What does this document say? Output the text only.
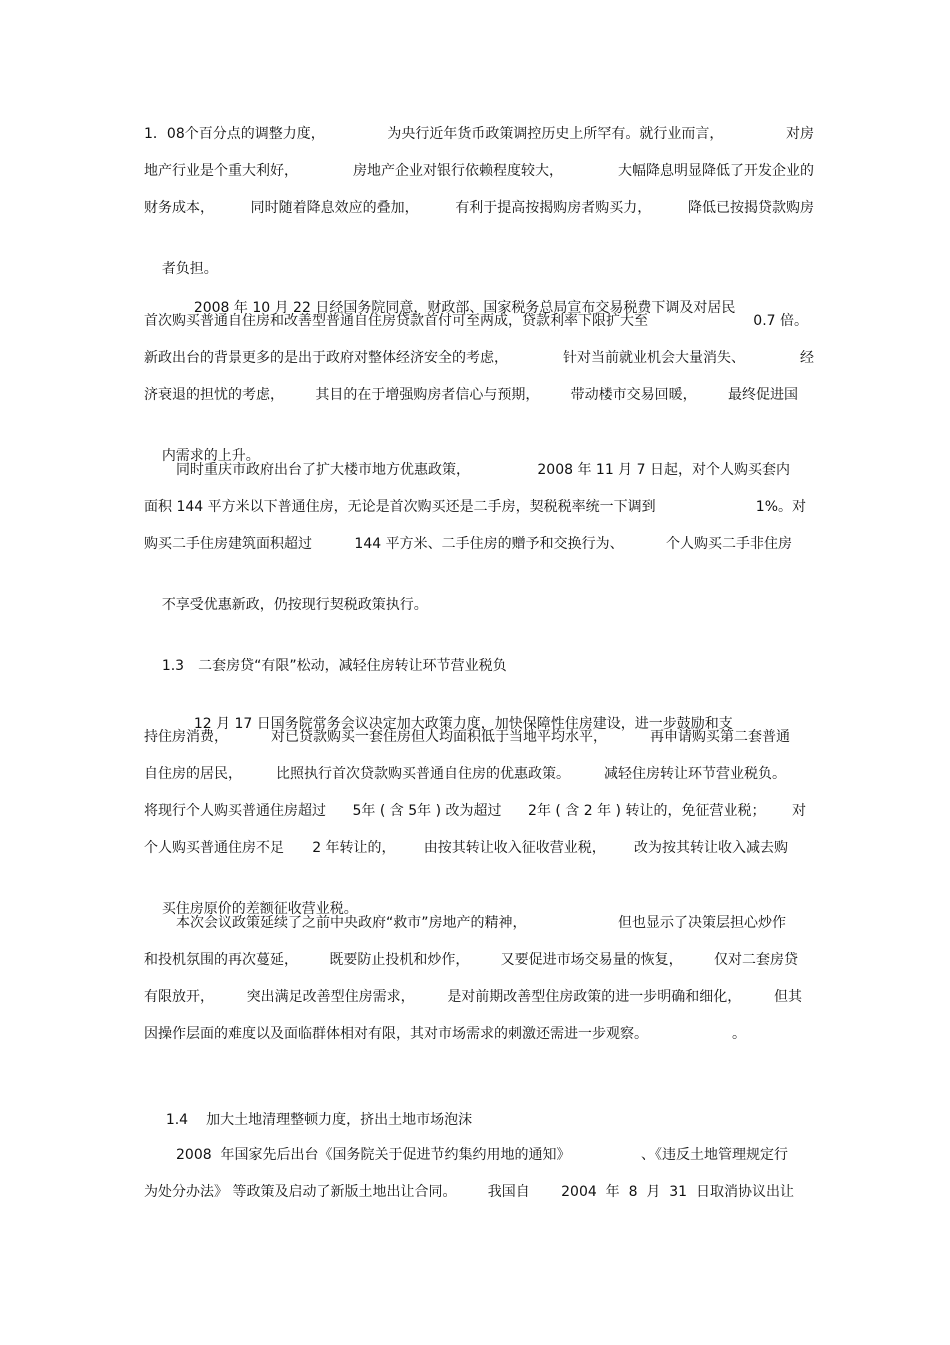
1．08个百分点的调整力度，	为央行近年货币政策调控历史上所罕有。就行业而言，	对房
地产行业是个重大利好，	房地产企业对银行依赖程度较大，	大幅降息明显降低了开发企业的
财务成本，	同时随着降息效应的叠加，	有利于提高按揭购房者购买力，	降低已按揭贷款购房

者负担。

2008 年 10 月 22 日经国务院同意，财政部、国家税务总局宣布交易税费下调及对居民

首次购买普通自住房和改善型普通自住房贷款首付可至两成，贷款利率下限扩大至	0.7 倍。
新政出台的背景更多的是出于政府对整体经济安全的考虑，	针对当前就业机会大量消失、	经
济衰退的担忧的考虑， 其目的在于增强购房者信心与预期， 带动楼市交易回暖， 最终促进国

内需求的上升。

同时重庆市政府出台了扩大楼市地方优惠政策，	2008 年 11 月 7 日起，对个人购买套内
面积 144 平方米以下普通住房，无论是首次购买还是二手房，契税税率统一下调到	1%。对
购买二手住房建筑面积超过	144 平方米、二手住房的赠予和交换行为、	个人购买二手非住房

不享受优惠新政，仍按现行契税政策执行。

1.3 二套房贷“有限”松动，减轻住房转让环节营业税负

12 月 17 日国务院常务会议决定加大政策力度，加快保障性住房建设，进一步鼓励和支

持住房消费，	对已贷款购买一套住房但人均面积低于当地平均水平，	再申请购买第二套普通
自住房的居民， 比照执行首次贷款购买普通自住房的优惠政策。 减轻住房转让环节营业税负。
将现行个人购买普通住房超过 5年 ( 含 5年 ) 改为超过 2年 ( 含 2 年 ) 转让的，免征营业税； 对
个人购买普通住房不足 2 年转让的， 由按其转让收入征收营业税， 改为按其转让收入减去购

买住房原价的差额征收营业税。

本次会议政策延续了之前中央政府“救市”房地产的精神，	但也显示了决策层担心炒作
和投机氛围的再次蔓延， 既要防止投机和炒作， 又要促进市场交易量的恢复， 仅对二套房贷
有限放开， 突出满足改善型住房需求， 是对前期改善型住房政策的进一步明确和细化， 但其
因操作层面的难度以及面临群体相对有限，其对市场需求的刺激还需进一步观察。	。

1.4 加大土地清理整顿力度，挤出土地市场泡沫

2008  年国家先后出台《国务院关于促进节约集约用地的通知》	、《违反土地管理规定行
为处分办法》 等政策及启动了新版土地出让合同。 我国自 2004  年  8  月  31  日取消协议出让
